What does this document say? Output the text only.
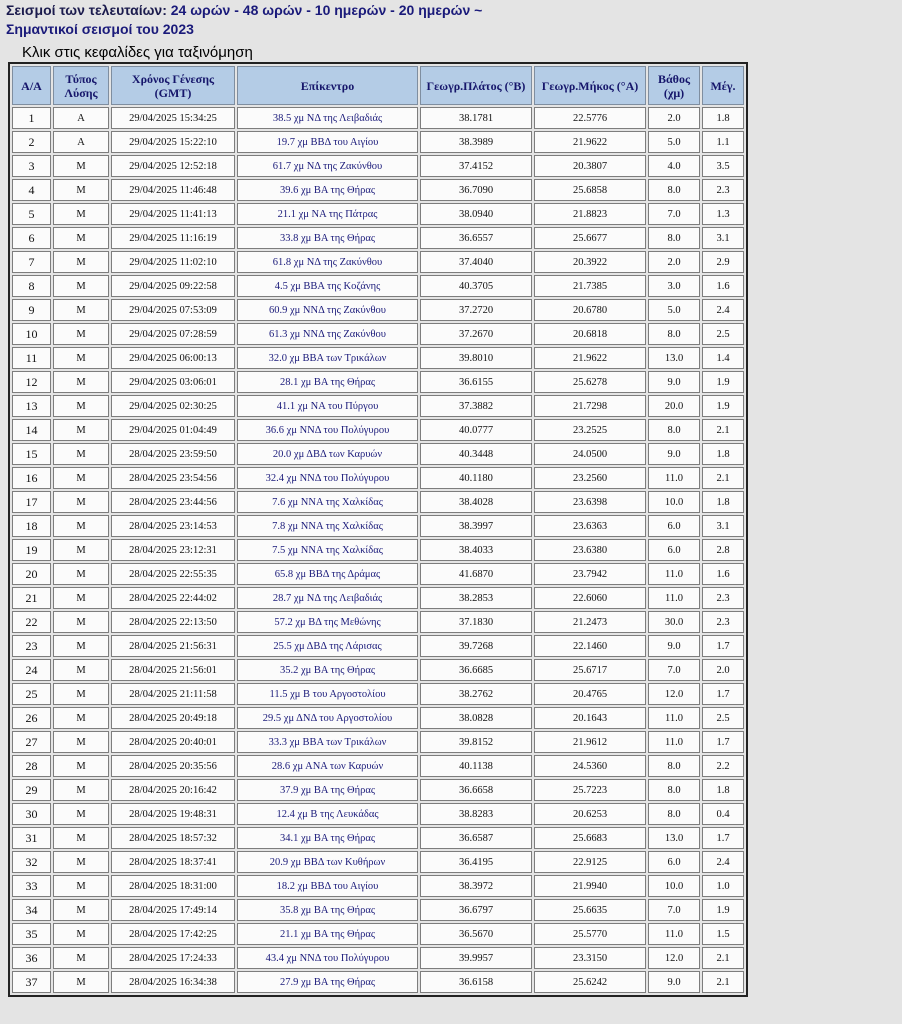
Σεισμοί των τελευταίων: 24 ωρών - 48 ωρών - 10 ημερών - 20 ημερών ~
Σημαντικοί σεισμοί του 2023
Κλικ στις κεφαλίδες για ταξινόμηση
Α/Α	Τύπος Λύσης	Χρόνος Γένεσης (GMT)	Επίκεντρο	Γεωγρ.Πλάτος (°B)	Γεωγρ.Μήκος (°A)	Βάθος (χμ)	Μέγ.
1	A	29/04/2025 15:34:25	38.5 χμ ΝΔ της Λειβαδιάς	38.1781	22.5776	2.0	1.8
2	A	29/04/2025 15:22:10	19.7 χμ ΒΒΔ του Αιγίου	38.3989	21.9622	5.0	1.1
3	M	29/04/2025 12:52:18	61.7 χμ ΝΔ της Ζακύνθου	37.4152	20.3807	4.0	3.5
4	M	29/04/2025 11:46:48	39.6 χμ ΒΑ της Θήρας	36.7090	25.6858	8.0	2.3
5	M	29/04/2025 11:41:13	21.1 χμ ΝΑ της Πάτρας	38.0940	21.8823	7.0	1.3
6	M	29/04/2025 11:16:19	33.8 χμ ΒΑ της Θήρας	36.6557	25.6677	8.0	3.1
7	M	29/04/2025 11:02:10	61.8 χμ ΝΔ της Ζακύνθου	37.4040	20.3922	2.0	2.9
8	M	29/04/2025 09:22:58	4.5 χμ ΒΒΑ της Κοζάνης	40.3705	21.7385	3.0	1.6
9	M	29/04/2025 07:53:09	60.9 χμ ΝΝΔ της Ζακύνθου	37.2720	20.6780	5.0	2.4
10	M	29/04/2025 07:28:59	61.3 χμ ΝΝΔ της Ζακύνθου	37.2670	20.6818	8.0	2.5
11	M	29/04/2025 06:00:13	32.0 χμ ΒΒΑ των Τρικάλων	39.8010	21.9622	13.0	1.4
12	M	29/04/2025 03:06:01	28.1 χμ ΒΑ της Θήρας	36.6155	25.6278	9.0	1.9
13	M	29/04/2025 02:30:25	41.1 χμ ΝΑ του Πύργου	37.3882	21.7298	20.0	1.9
14	M	29/04/2025 01:04:49	36.6 χμ ΝΝΔ του Πολύγυρου	40.0777	23.2525	8.0	2.1
15	M	28/04/2025 23:59:50	20.0 χμ ΔΒΔ των Καρυών	40.3448	24.0500	9.0	1.8
16	M	28/04/2025 23:54:56	32.4 χμ ΝΝΔ του Πολύγυρου	40.1180	23.2560	11.0	2.1
17	M	28/04/2025 23:44:56	7.6 χμ ΝΝΑ της Χαλκίδας	38.4028	23.6398	10.0	1.8
18	M	28/04/2025 23:14:53	7.8 χμ ΝΝΑ της Χαλκίδας	38.3997	23.6363	6.0	3.1
19	M	28/04/2025 23:12:31	7.5 χμ ΝΝΑ της Χαλκίδας	38.4033	23.6380	6.0	2.8
20	M	28/04/2025 22:55:35	65.8 χμ ΒΒΔ της Δράμας	41.6870	23.7942	11.0	1.6
21	M	28/04/2025 22:44:02	28.7 χμ ΝΔ της Λειβαδιάς	38.2853	22.6060	11.0	2.3
22	M	28/04/2025 22:13:50	57.2 χμ ΒΔ της Μεθώνης	37.1830	21.2473	30.0	2.3
23	M	28/04/2025 21:56:31	25.5 χμ ΔΒΔ της Λάρισας	39.7268	22.1460	9.0	1.7
24	M	28/04/2025 21:56:01	35.2 χμ ΒΑ της Θήρας	36.6685	25.6717	7.0	2.0
25	M	28/04/2025 21:11:58	11.5 χμ Β του Αργοστολίου	38.2762	20.4765	12.0	1.7
26	M	28/04/2025 20:49:18	29.5 χμ ΔΝΔ του Αργοστολίου	38.0828	20.1643	11.0	2.5
27	M	28/04/2025 20:40:01	33.3 χμ ΒΒΑ των Τρικάλων	39.8152	21.9612	11.0	1.7
28	M	28/04/2025 20:35:56	28.6 χμ ΑΝΑ των Καρυών	40.1138	24.5360	8.0	2.2
29	M	28/04/2025 20:16:42	37.9 χμ ΒΑ της Θήρας	36.6658	25.7223	8.0	1.8
30	M	28/04/2025 19:48:31	12.4 χμ Β της Λευκάδας	38.8283	20.6253	8.0	0.4
31	M	28/04/2025 18:57:32	34.1 χμ ΒΑ της Θήρας	36.6587	25.6683	13.0	1.7
32	M	28/04/2025 18:37:41	20.9 χμ ΒΒΔ των Κυθήρων	36.4195	22.9125	6.0	2.4
33	M	28/04/2025 18:31:00	18.2 χμ ΒΒΔ του Αιγίου	38.3972	21.9940	10.0	1.0
34	M	28/04/2025 17:49:14	35.8 χμ ΒΑ της Θήρας	36.6797	25.6635	7.0	1.9
35	M	28/04/2025 17:42:25	21.1 χμ ΒΑ της Θήρας	36.5670	25.5770	11.0	1.5
36	M	28/04/2025 17:24:33	43.4 χμ ΝΝΔ του Πολύγυρου	39.9957	23.3150	12.0	2.1
37	M	28/04/2025 16:34:38	27.9 χμ ΒΑ της Θήρας	36.6158	25.6242	9.0	2.1
